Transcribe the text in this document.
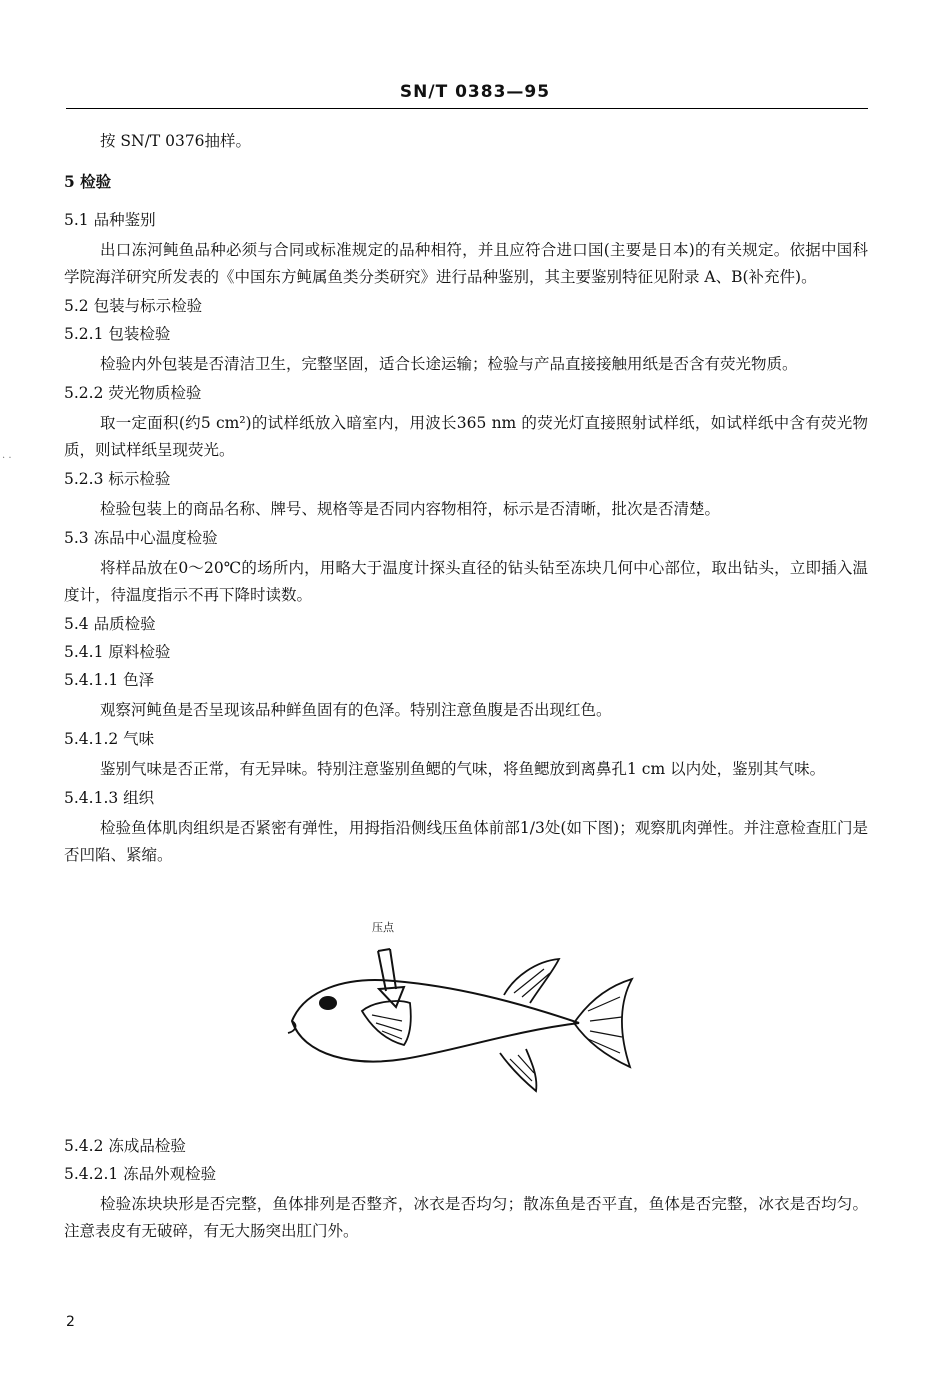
. .
SN/T 0383—95
按 SN/T 0376抽样。
5 检验
5.1 品种鉴别
出口冻河鲀鱼品种必须与合同或标准规定的品种相符，并且应符合进口国(主要是日本)的有关规定。依据中国科学院海洋研究所发表的《中国东方鲀属鱼类分类研究》进行品种鉴别，其主要鉴别特征见附录 A、B(补充件)。
5.2 包装与标示检验
5.2.1 包装检验
检验内外包装是否清洁卫生，完整坚固，适合长途运输；检验与产品直接接触用纸是否含有荧光物质。
5.2.2 荧光物质检验
取一定面积(约5 cm²)的试样纸放入暗室内，用波长365 nm 的荧光灯直接照射试样纸，如试样纸中含有荧光物质，则试样纸呈现荧光。
5.2.3 标示检验
检验包装上的商品名称、牌号、规格等是否同内容物相符，标示是否清晰，批次是否清楚。
5.3 冻品中心温度检验
将样品放在0～20℃的场所内，用略大于温度计探头直径的钻头钻至冻块几何中心部位，取出钻头，立即插入温度计，待温度指示不再下降时读数。
5.4 品质检验
5.4.1 原料检验
5.4.1.1 色泽
观察河鲀鱼是否呈现该品种鲜鱼固有的色泽。特别注意鱼腹是否出现红色。
5.4.1.2 气味
鉴别气味是否正常，有无异味。特别注意鉴别鱼鳃的气味，将鱼鳃放到离鼻孔1 cm 以内处，鉴别其气味。
5.4.1.3 组织
检验鱼体肌肉组织是否紧密有弹性，用拇指沿侧线压鱼体前部1/3处(如下图)；观察肌肉弹性。并注意检查肛门是否凹陷、紧缩。
压点
5.4.2 冻成品检验
5.4.2.1 冻品外观检验
检验冻块块形是否完整，鱼体排列是否整齐，冰衣是否均匀；散冻鱼是否平直，鱼体是否完整，冰衣是否均匀。注意表皮有无破碎，有无大肠突出肛门外。
2
